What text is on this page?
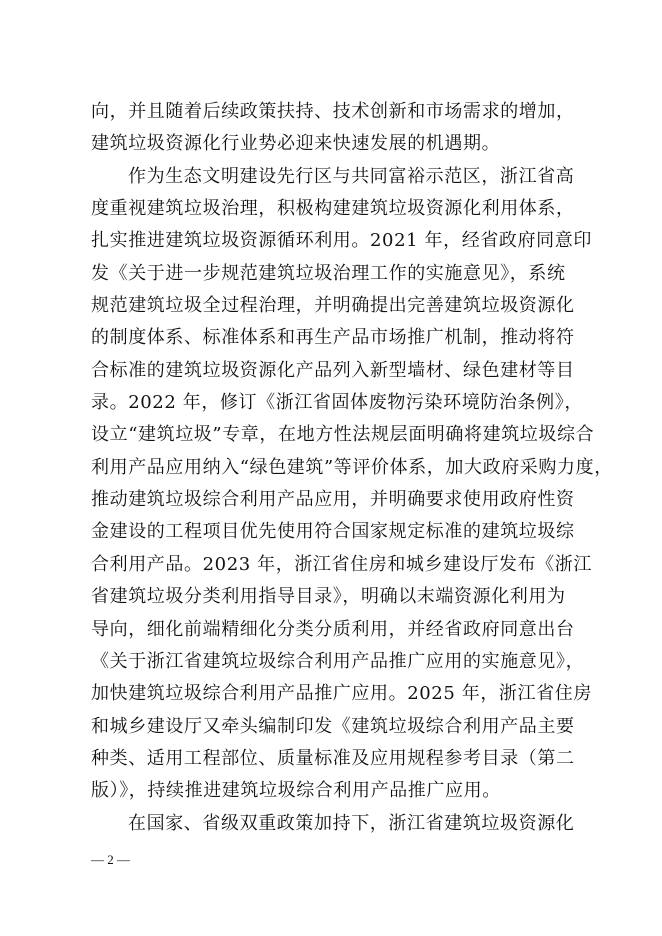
向，并且随着后续政策扶持、技术创新和市场需求的增加，
建筑垃圾资源化行业势必迎来快速发展的机遇期。
作为生态文明建设先行区与共同富裕示范区，浙江省高
度重视建筑垃圾治理，积极构建建筑垃圾资源化利用体系，
扎实推进建筑垃圾资源循环利用。2021 年，经省政府同意印
发《关于进一步规范建筑垃圾治理工作的实施意见》，系统
规范建筑垃圾全过程治理，并明确提出完善建筑垃圾资源化
的制度体系、标准体系和再生产品市场推广机制，推动将符
合标准的建筑垃圾资源化产品列入新型墙材、绿色建材等目
录。2022 年，修订《浙江省固体废物污染环境防治条例》，
设立“建筑垃圾”专章，在地方性法规层面明确将建筑垃圾综合
利用产品应用纳入“绿色建筑”等评价体系，加大政府采购力度，
推动建筑垃圾综合利用产品应用，并明确要求使用政府性资
金建设的工程项目优先使用符合国家规定标准的建筑垃圾综
合利用产品。2023 年，浙江省住房和城乡建设厅发布《浙江
省建筑垃圾分类利用指导目录》，明确以末端资源化利用为
导向，细化前端精细化分类分质利用，并经省政府同意出台
《关于浙江省建筑垃圾综合利用产品推广应用的实施意见》，
加快建筑垃圾综合利用产品推广应用。2025 年，浙江省住房
和城乡建设厅又牵头编制印发《建筑垃圾综合利用产品主要
种类、适用工程部位、质量标准及应用规程参考目录（第二
版）》，持续推进建筑垃圾综合利用产品推广应用。
在国家、省级双重政策加持下，浙江省建筑垃圾资源化
— 2 —
